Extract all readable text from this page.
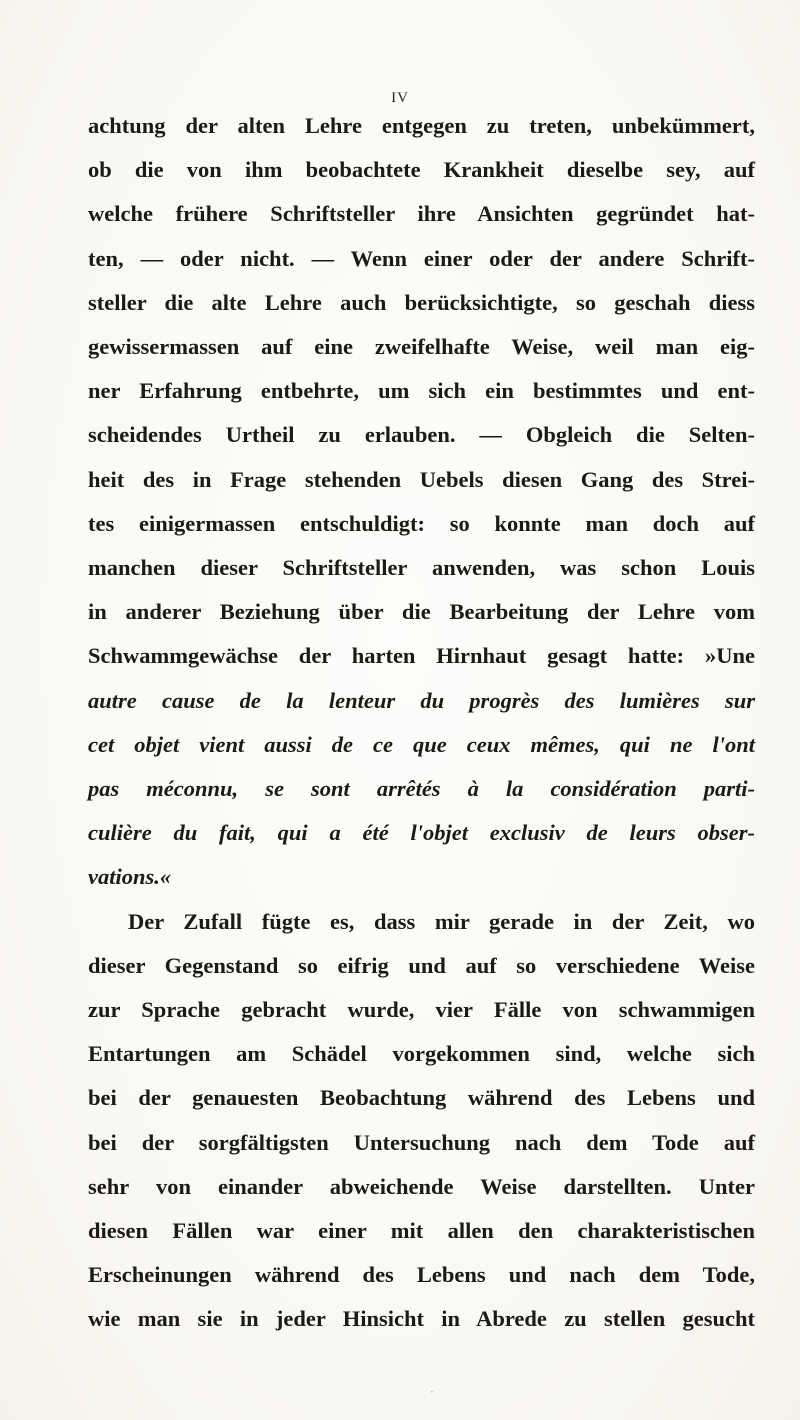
IV
achtung der alten Lehre entgegen zu treten, unbekümmert,
ob die von ihm beobachtete Krankheit dieselbe sey, auf
welche frühere Schriftsteller ihre Ansichten gegründet hat-
ten, — oder nicht. — Wenn einer oder der andere Schrift-
steller die alte Lehre auch berücksichtigte, so geschah diess
gewissermassen auf eine zweifelhafte Weise, weil man eig-
ner Erfahrung entbehrte, um sich ein bestimmtes und ent-
scheidendes Urtheil zu erlauben. — Obgleich die Selten-
heit des in Frage stehenden Uebels diesen Gang des Strei-
tes einigermassen entschuldigt: so konnte man doch auf
manchen dieser Schriftsteller anwenden, was schon Louis
in anderer Beziehung über die Bearbeitung der Lehre vom
Schwammgewächse der harten Hirnhaut gesagt hatte: »Une
autre cause de la lenteur du progrès des lumières sur
cet objet vient aussi de ce que ceux mêmes, qui ne l'ont
pas méconnu, se sont arrêtés à la considération parti-
culière du fait, qui a été l'objet exclusiv de leurs obser-
vations.«
Der Zufall fügte es, dass mir gerade in der Zeit, wo
dieser Gegenstand so eifrig und auf so verschiedene Weise
zur Sprache gebracht wurde, vier Fälle von schwammigen
Entartungen am Schädel vorgekommen sind, welche sich
bei der genauesten Beobachtung während des Lebens und
bei der sorgfältigsten Untersuchung nach dem Tode auf
sehr von einander abweichende Weise darstellten. Unter
diesen Fällen war einer mit allen den charakteristischen
Erscheinungen während des Lebens und nach dem Tode,
wie man sie in jeder Hinsicht in Abrede zu stellen gesucht
·
